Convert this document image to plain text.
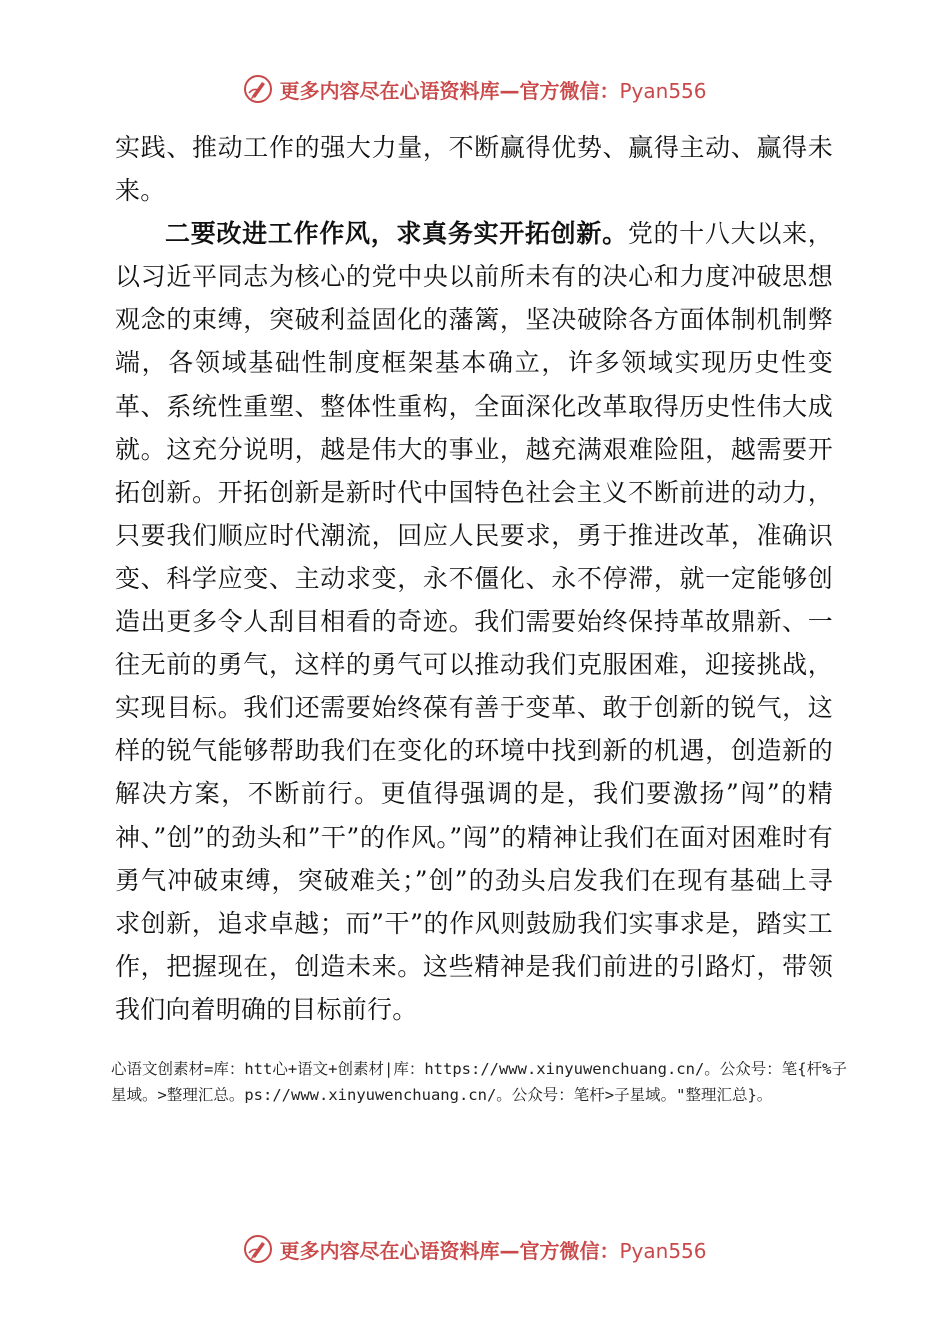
更多内容尽在心语资料库—官方微信：Pyan556

实践、推动工作的强大力量，不断赢得优势、赢得主动、赢得未来。

二要改进工作作风，求真务实开拓创新。党的十八大以来，以习近平同志为核心的党中央以前所未有的决心和力度冲破思想观念的束缚，突破利益固化的藩篱，坚决破除各方面体制机制弊端，各领域基础性制度框架基本确立，许多领域实现历史性变革、系统性重塑、整体性重构，全面深化改革取得历史性伟大成就。这充分说明，越是伟大的事业，越充满艰难险阻，越需要开拓创新。开拓创新是新时代中国特色社会主义不断前进的动力，只要我们顺应时代潮流，回应人民要求，勇于推进改革，准确识变、科学应变、主动求变，永不僵化、永不停滞，就一定能够创造出更多令人刮目相看的奇迹。我们需要始终保持革故鼎新、一往无前的勇气，这样的勇气可以推动我们克服困难，迎接挑战，实现目标。我们还需要始终葆有善于变革、敢于创新的锐气，这样的锐气能够帮助我们在变化的环境中找到新的机遇，创造新的解决方案，不断前行。更值得强调的是，我们要激扬”闯”的精神、”创”的劲头和”干”的作风。”闯”的精神让我们在面对困难时有勇气冲破束缚，突破难关；”创”的劲头启发我们在现有基础上寻求创新，追求卓越；而”干”的作风则鼓励我们实事求是，踏实工作，把握现在，创造未来。这些精神是我们前进的引路灯，带领我们向着明确的目标前行。

心语文创素材=库：htt心+语文+创素材|库：https://www.xinyuwenchuang.cn/。公众号：笔{杆%子星域。>整理汇总。ps://www.xinyuwenchuang.cn/。公众号：笔杆>子星域。"整理汇总}。
更多内容尽在心语资料库—官方微信：Pyan556
